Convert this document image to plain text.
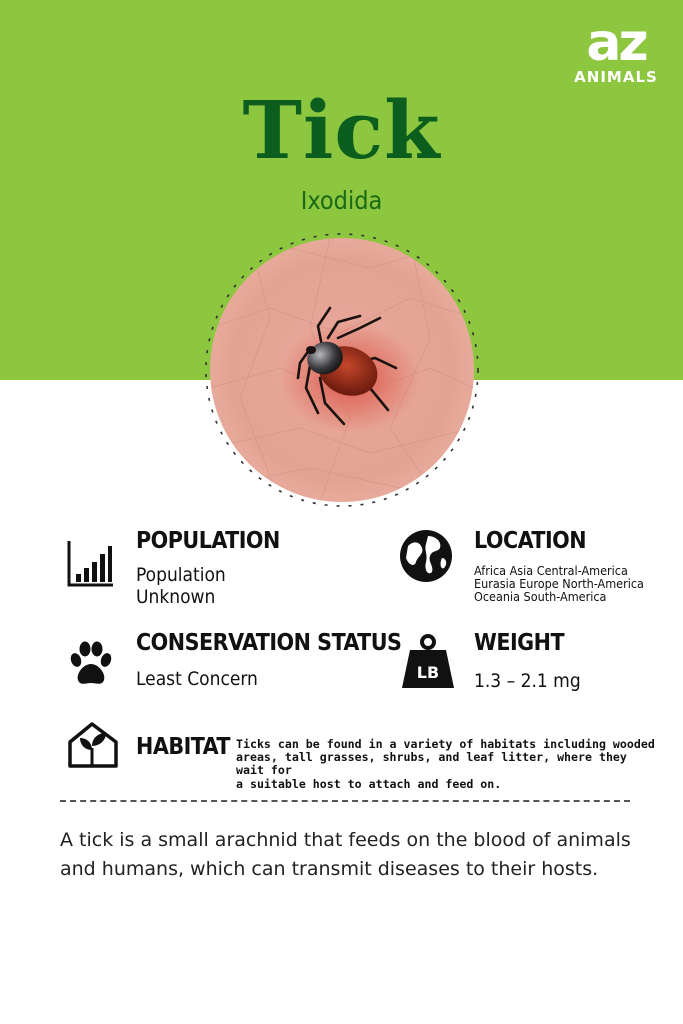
az
ANIMALS
Tick
Ixodida
POPULATION
Population
Unknown
LOCATION
Africa Asia Central-America
Eurasia Europe North-America
Oceania South-America
CONSERVATION STATUS
Least Concern	LB
WEIGHT
1.3 – 2.1 mg
HABITAT Ticks can be found in a variety of habitats including wooded
areas, tall grasses, shrubs, and leaf litter, where they wait for
a suitable host to attach and feed on.
A tick is a small arachnid that feeds on the blood of animals and humans, which can transmit diseases to their hosts.
